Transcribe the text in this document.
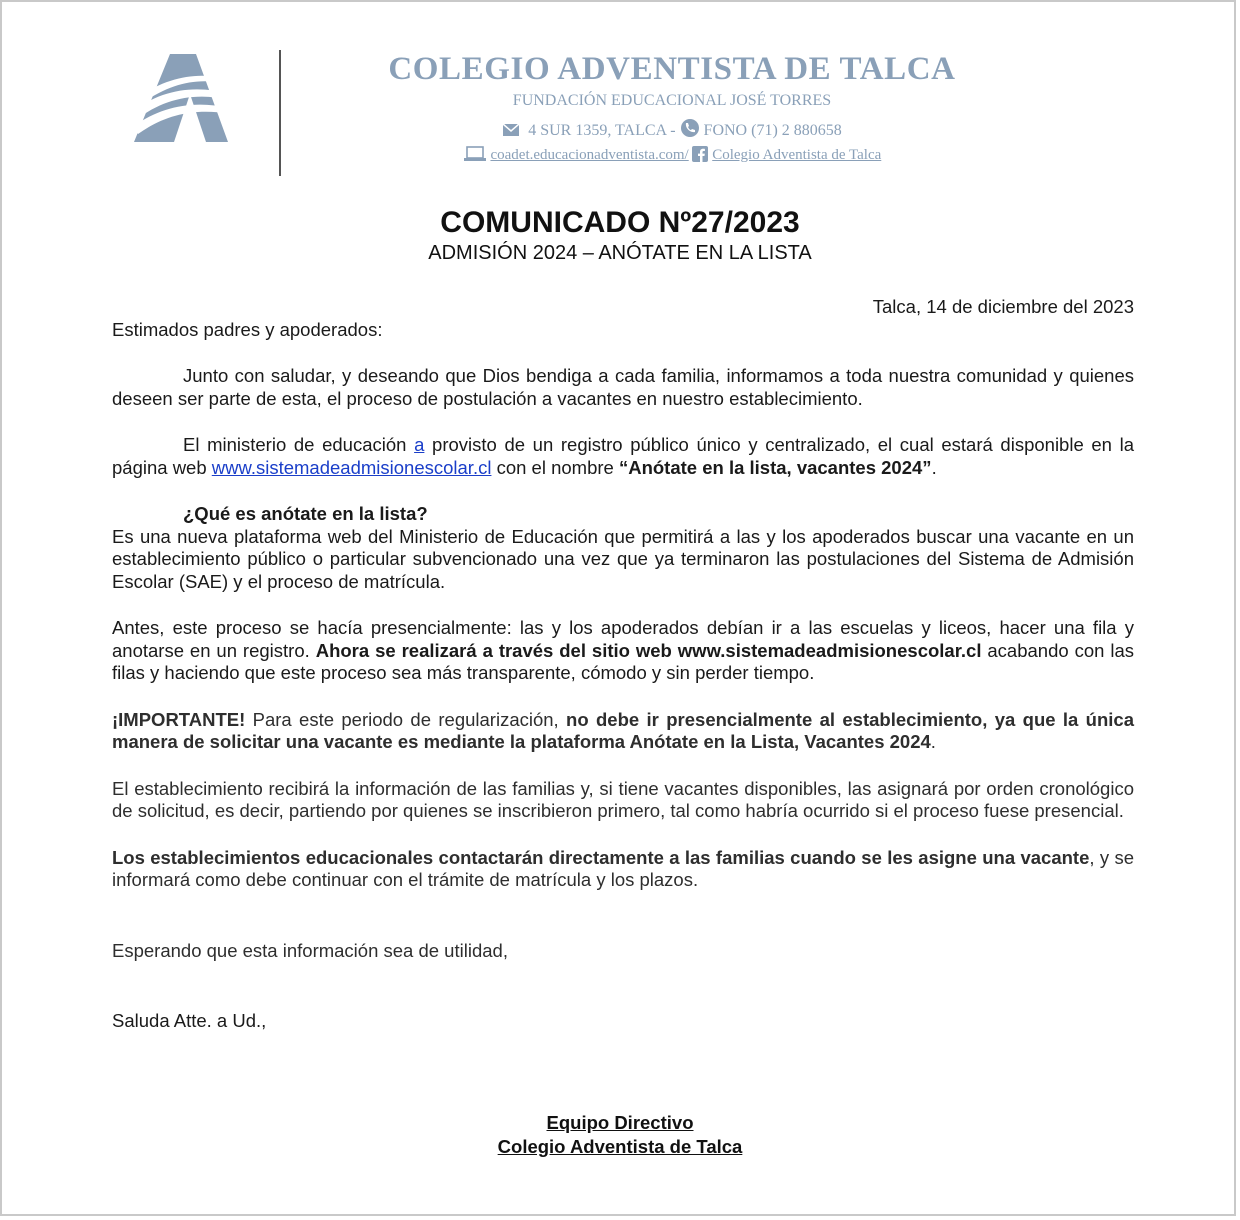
COLEGIO ADVENTISTA DE TALCA
FUNDACIÓN EDUCACIONAL JOSÉ TORRES
4 SUR 1359, TALCA - FONO (71) 2 880658
coadet.educacionadventista.com/ Colegio Adventista de Talca
COMUNICADO Nº27/2023
ADMISIÓN 2024 – ANÓTATE EN LA LISTA
Talca, 14 de diciembre del 2023
Estimados padres y apoderados:

Junto con saludar, y deseando que Dios bendiga a cada familia, informamos a toda nuestra comunidad y quienes deseen ser parte de esta, el proceso de postulación a vacantes en nuestro establecimiento.

El ministerio de educación a provisto de un registro público único y centralizado, el cual estará disponible en la página web www.sistemadeadmisionescolar.cl con el nombre “Anótate en la lista, vacantes 2024”.

¿Qué es anótate en la lista?

Es una nueva plataforma web del Ministerio de Educación que permitirá a las y los apoderados buscar una vacante en un establecimiento público o particular subvencionado una vez que ya terminaron las postulaciones del Sistema de Admisión Escolar (SAE) y el proceso de matrícula.

Antes, este proceso se hacía presencialmente: las y los apoderados debían ir a las escuelas y liceos, hacer una fila y anotarse en un registro. Ahora se realizará a través del sitio web www.sistemadeadmisionescolar.cl acabando con las filas y haciendo que este proceso sea más transparente, cómodo y sin perder tiempo.

¡IMPORTANTE! Para este periodo de regularización, no debe ir presencialmente al establecimiento, ya que la única manera de solicitar una vacante es mediante la plataforma Anótate en la Lista, Vacantes 2024.

El establecimiento recibirá la información de las familias y, si tiene vacantes disponibles, las asignará por orden cronológico de solicitud, es decir, partiendo por quienes se inscribieron primero, tal como habría ocurrido si el proceso fuese presencial.

Los establecimientos educacionales contactarán directamente a las familias cuando se les asigne una vacante, y se informará como debe continuar con el trámite de matrícula y los plazos.

Esperando que esta información sea de utilidad,

Saluda Atte. a Ud.,

Equipo Directivo
Colegio Adventista de Talca
